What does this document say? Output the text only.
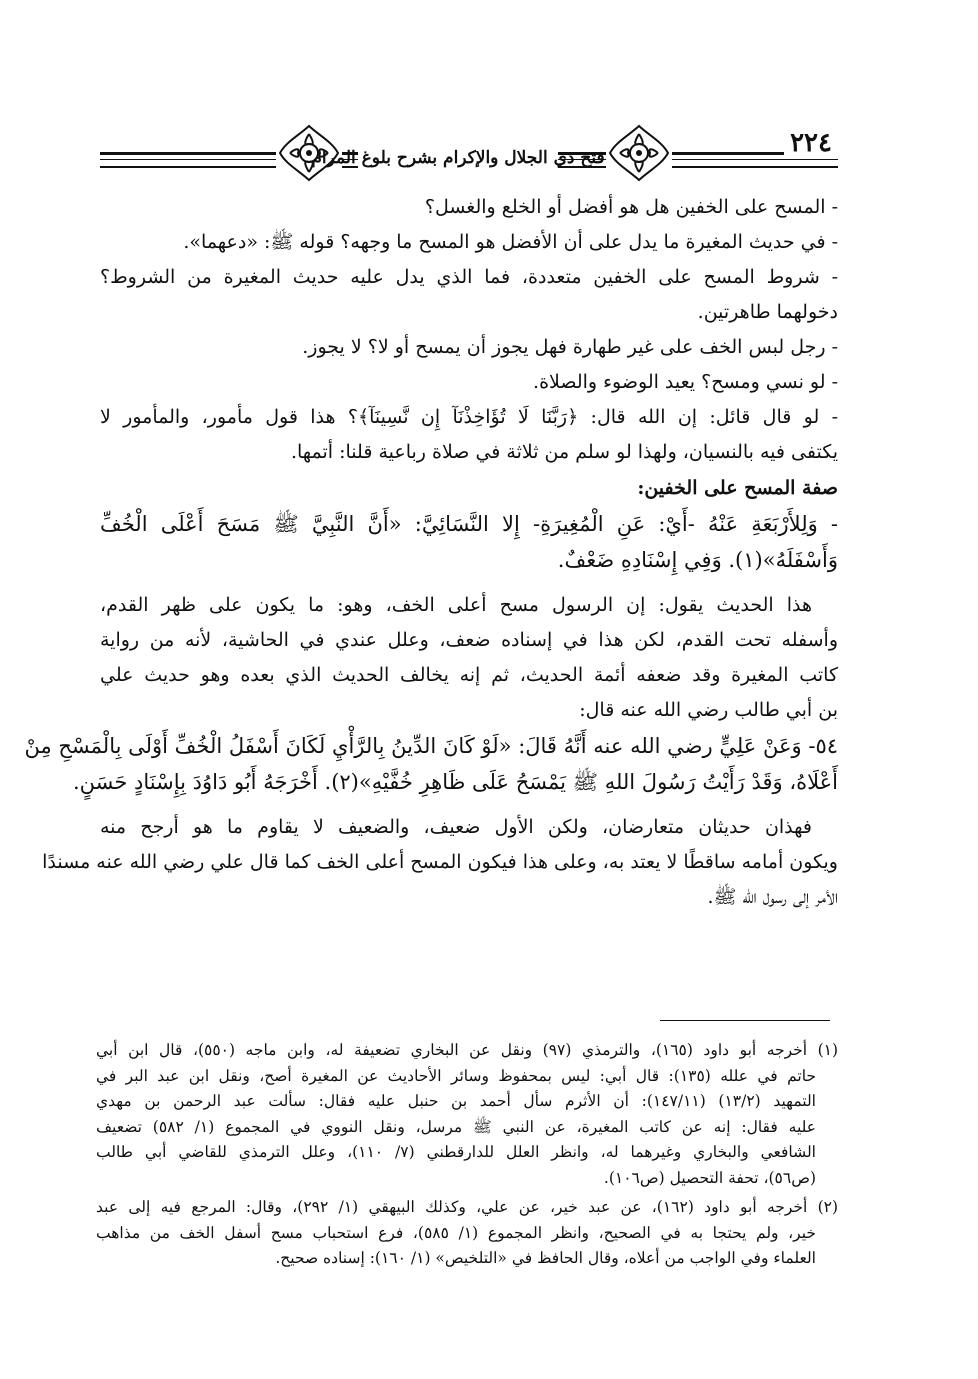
فتح ذي الجلال والإكرام بشرح بلوغ المرام	٢٢٤
- المسح على الخفين هل هو أفضل أو الخلع والغسل؟
- في حديث المغيرة ما يدل على أن الأفضل هو المسح ما وجهه؟ قوله ﷺ: «دعهما».
- شروط المسح على الخفين متعددة، فما الذي يدل عليه حديث المغيرة من الشروط؟
دخولهما طاهرتين.
- رجل لبس الخف على غير طهارة فهل يجوز أن يمسح أو لا؟ لا يجوز.
- لو نسي ومسح؟ يعيد الوضوء والصلاة.
- لو قال قائل: إن الله قال: ﴿رَبَّنَا لَا تُؤَاخِذْنَآ إِن نَّسِينَآ﴾؟ هذا قول مأمور، والمأمور لا
يكتفى فيه بالنسيان، ولهذا لو سلم من ثلاثة في صلاة رباعية قلنا: أتمها.
صفة المسح على الخفين:
- وَلِلأَرْبَعَةِ عَنْهُ -أَيْ: عَنِ الْمُغِيرَةِ- إِلا النَّسَائِيَّ: «أَنَّ النَّبِيَّ ﷺ مَسَحَ أَعْلَى الْخُفِّ
وَأَسْفَلَهُ»(١). وَفِي إِسْنَادِهِ ضَعْفٌ.
هذا الحديث يقول: إن الرسول مسح أعلى الخف، وهو: ما يكون على ظهر القدم،
وأسفله تحت القدم، لكن هذا في إسناده ضعف، وعلل عندي في الحاشية، لأنه من رواية
كاتب المغيرة وقد ضعفه أئمة الحديث، ثم إنه يخالف الحديث الذي بعده وهو حديث علي
بن أبي طالب رضي الله عنه قال:
٥٤- وَعَنْ عَلِيٍّ رضي الله عنه أَنَّهُ قَالَ: «لَوْ كَانَ الدِّينُ بِالرَّأْيِ لَكَانَ أَسْفَلُ الْخُفِّ أَوْلَى بِالْمَسْحِ مِنْ
أَعْلَاهُ، وَقَدْ رَأَيْتُ رَسُولَ اللهِ ﷺ يَمْسَحُ عَلَى ظَاهِرِ خُفَّيْهِ»(٢). أَخْرَجَهُ أَبُو دَاوُدَ بِإِسْنَادٍ حَسَنٍ.
فهذان حديثان متعارضان، ولكن الأول ضعيف، والضعيف لا يقاوم ما هو أرجح منه
ويكون أمامه ساقطًا لا يعتد به، وعلى هذا فيكون المسح أعلى الخف كما قال علي رضي الله عنه مسندًا
الأمر إلى رسول الله ﷺ.
(١) أخرجه أبو داود (١٦٥)، والترمذي (٩٧) ونقل عن البخاري تضعيفة له، وابن ماجه (٥٥٠)، قال ابن أبي
حاتم في علله (١٣٥): قال أبي: ليس بمحفوظ وسائر الأحاديث عن المغيرة أصح، ونقل ابن عبد البر في
التمهيد (١٣/٢) (١٤٧/١١): أن الأثرم سأل أحمد بن حنبل عليه فقال: سألت عبد الرحمن بن مهدي
عليه فقال: إنه عن كاتب المغيرة، عن النبي ﷺ مرسل، ونقل النووي في المجموع (١/ ٥٨٢) تضعيف
الشافعي والبخاري وغيرهما له، وانظر العلل للدارقطني (٧/ ١١٠)، وعلل الترمذي للقاضي أبي طالب
(ص٥٦)، تحفة التحصيل (ص١٠٦).
(٢) أخرجه أبو داود (١٦٢)، عن عبد خير، عن علي، وكذلك البيهقي (١/ ٢٩٢)، وقال: المرجع فيه إلى عبد
خير، ولم يحتجا به في الصحيح، وانظر المجموع (١/ ٥٨٥)، فرع استحباب مسح أسفل الخف من مذاهب
العلماء وفي الواجب من أعلاه، وقال الحافظ في «التلخيص» (١/ ١٦٠): إسناده صحيح.
